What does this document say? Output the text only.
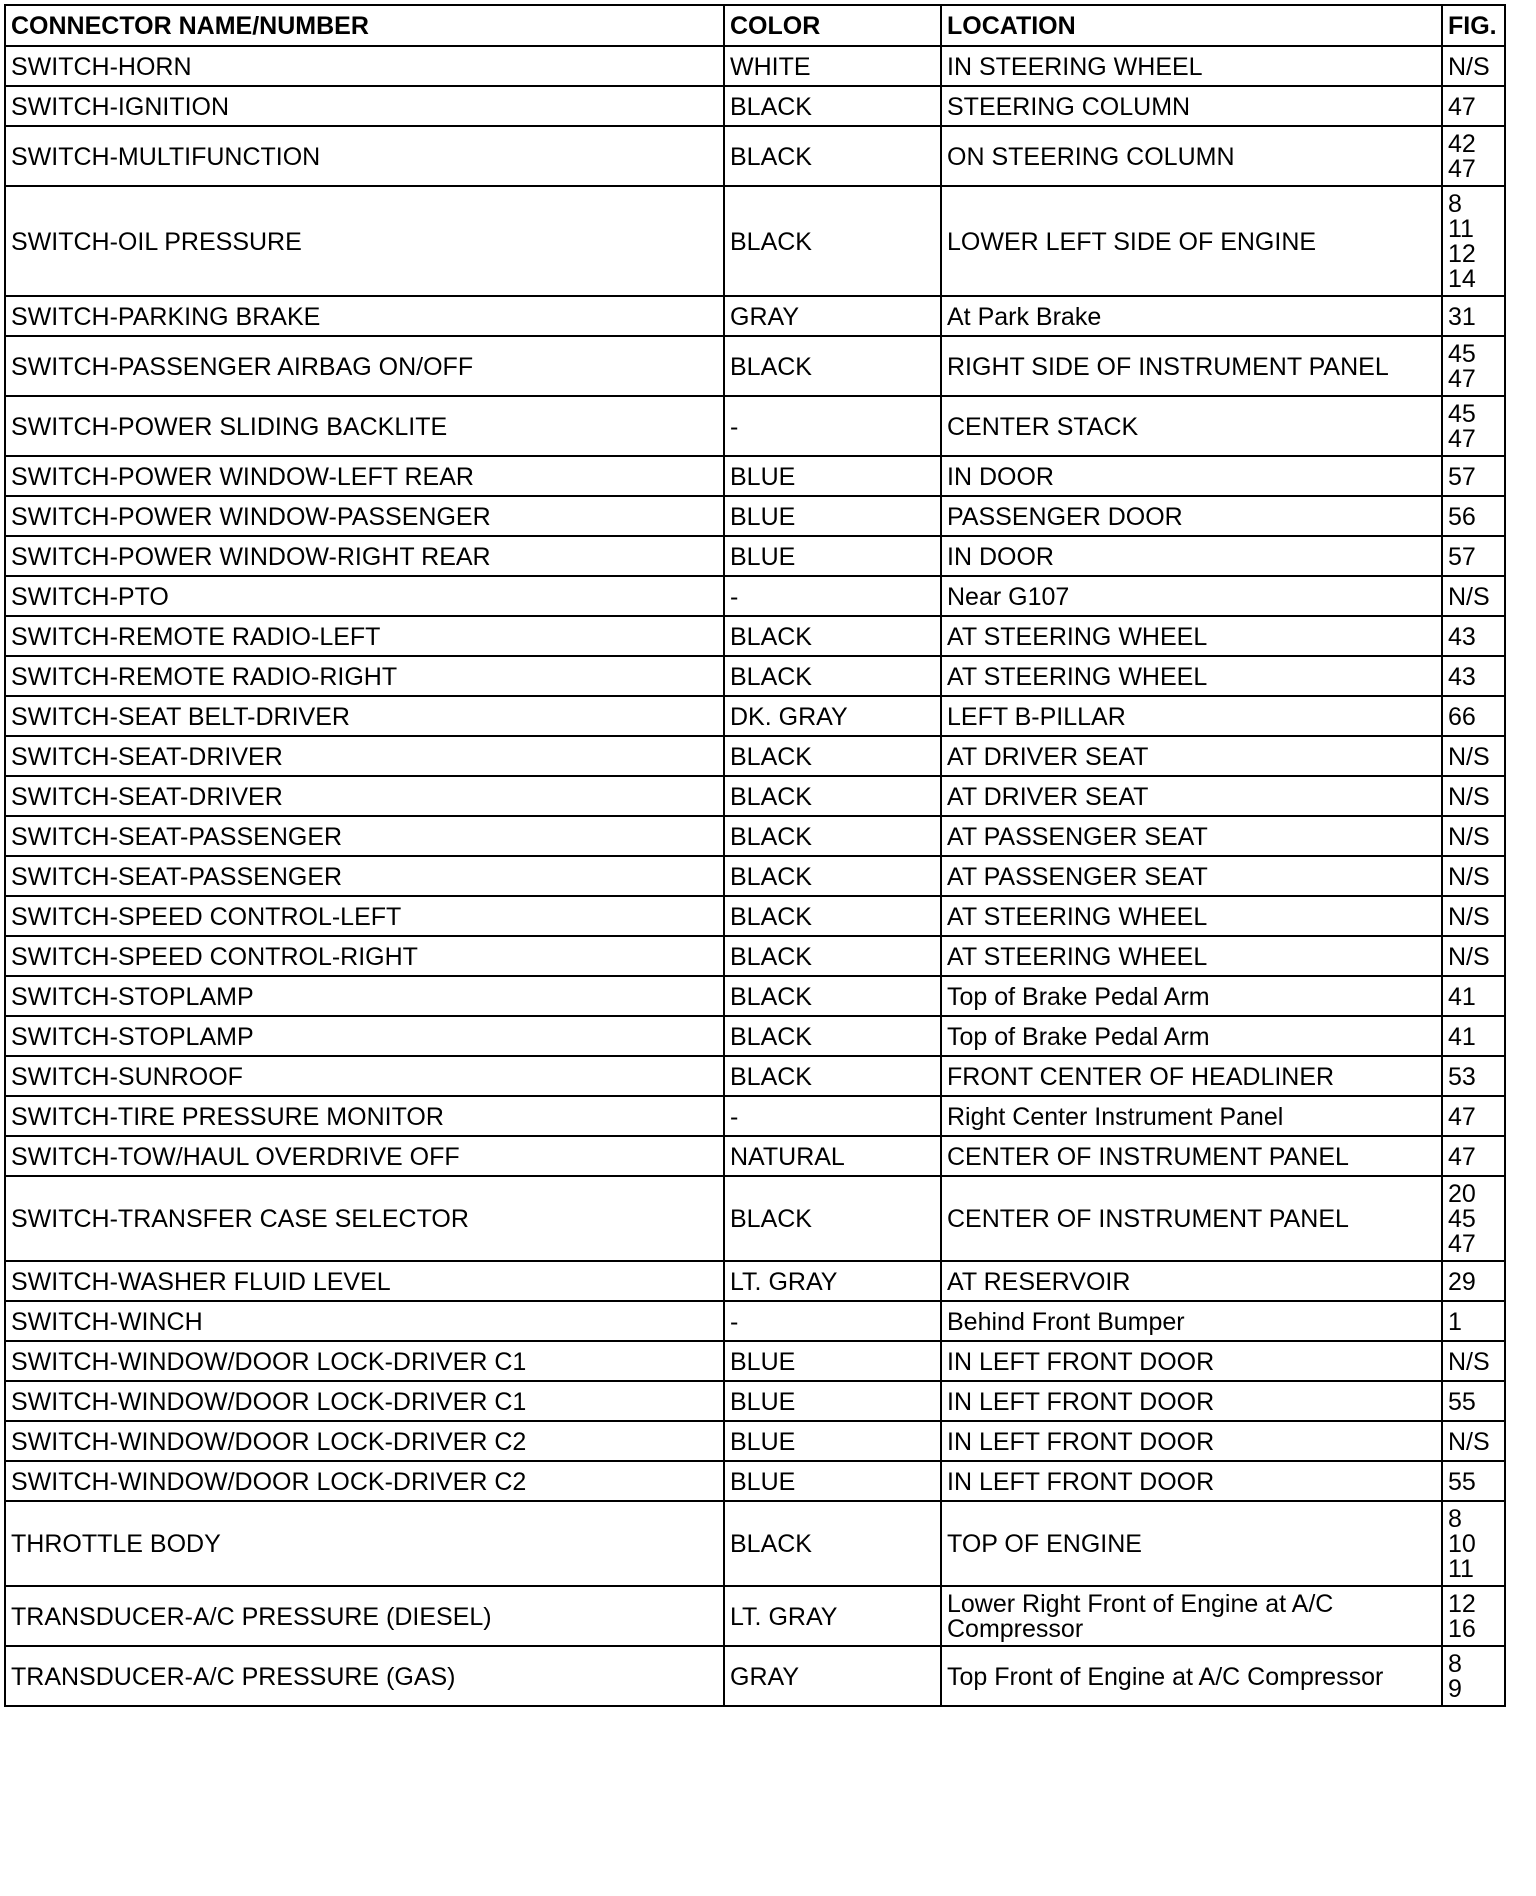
CONNECTOR NAME/NUMBER	COLOR	LOCATION	FIG.
SWITCH-HORN	WHITE	IN STEERING WHEEL	N/S

SWITCH-IGNITION	BLACK	STEERING COLUMN	47

SWITCH-MULTIFUNCTION	BLACK	ON STEERING COLUMN	42
47

SWITCH-OIL PRESSURE	BLACK	LOWER LEFT SIDE OF ENGINE	8
11
12
14

SWITCH-PARKING BRAKE	GRAY	At Park Brake	31

SWITCH-PASSENGER AIRBAG ON/OFF	BLACK	RIGHT SIDE OF INSTRUMENT PANEL	45
47

SWITCH-POWER SLIDING BACKLITE	-	CENTER STACK	45
47

SWITCH-POWER WINDOW-LEFT REAR	BLUE	IN DOOR	57

SWITCH-POWER WINDOW-PASSENGER	BLUE	PASSENGER DOOR	56

SWITCH-POWER WINDOW-RIGHT REAR	BLUE	IN DOOR	57

SWITCH-PTO	-	Near G107	N/S

SWITCH-REMOTE RADIO-LEFT	BLACK	AT STEERING WHEEL	43

SWITCH-REMOTE RADIO-RIGHT	BLACK	AT STEERING WHEEL	43

SWITCH-SEAT BELT-DRIVER	DK. GRAY	LEFT B-PILLAR	66

SWITCH-SEAT-DRIVER	BLACK	AT DRIVER SEAT	N/S

SWITCH-SEAT-DRIVER	BLACK	AT DRIVER SEAT	N/S

SWITCH-SEAT-PASSENGER	BLACK	AT PASSENGER SEAT	N/S

SWITCH-SEAT-PASSENGER	BLACK	AT PASSENGER SEAT	N/S

SWITCH-SPEED CONTROL-LEFT	BLACK	AT STEERING WHEEL	N/S

SWITCH-SPEED CONTROL-RIGHT	BLACK	AT STEERING WHEEL	N/S

SWITCH-STOPLAMP	BLACK	Top of Brake Pedal Arm	41

SWITCH-STOPLAMP	BLACK	Top of Brake Pedal Arm	41

SWITCH-SUNROOF	BLACK	FRONT CENTER OF HEADLINER	53

SWITCH-TIRE PRESSURE MONITOR	-	Right Center Instrument Panel	47

SWITCH-TOW/HAUL OVERDRIVE OFF	NATURAL	CENTER OF INSTRUMENT PANEL	47

SWITCH-TRANSFER CASE SELECTOR	BLACK	CENTER OF INSTRUMENT PANEL	20
45
47

SWITCH-WASHER FLUID LEVEL	LT. GRAY	AT RESERVOIR	29

SWITCH-WINCH	-	Behind Front Bumper	1

SWITCH-WINDOW/DOOR LOCK-DRIVER C1	BLUE	IN LEFT FRONT DOOR	N/S

SWITCH-WINDOW/DOOR LOCK-DRIVER C1	BLUE	IN LEFT FRONT DOOR	55

SWITCH-WINDOW/DOOR LOCK-DRIVER C2	BLUE	IN LEFT FRONT DOOR	N/S

SWITCH-WINDOW/DOOR LOCK-DRIVER C2	BLUE	IN LEFT FRONT DOOR	55

THROTTLE BODY	BLACK	TOP OF ENGINE	8
10
11

TRANSDUCER-A/C PRESSURE (DIESEL)	LT. GRAY	Lower Right Front of Engine at A/C
Compressor	12
16

TRANSDUCER-A/C PRESSURE (GAS)	GRAY	Top Front of Engine at A/C Compressor	8
9
